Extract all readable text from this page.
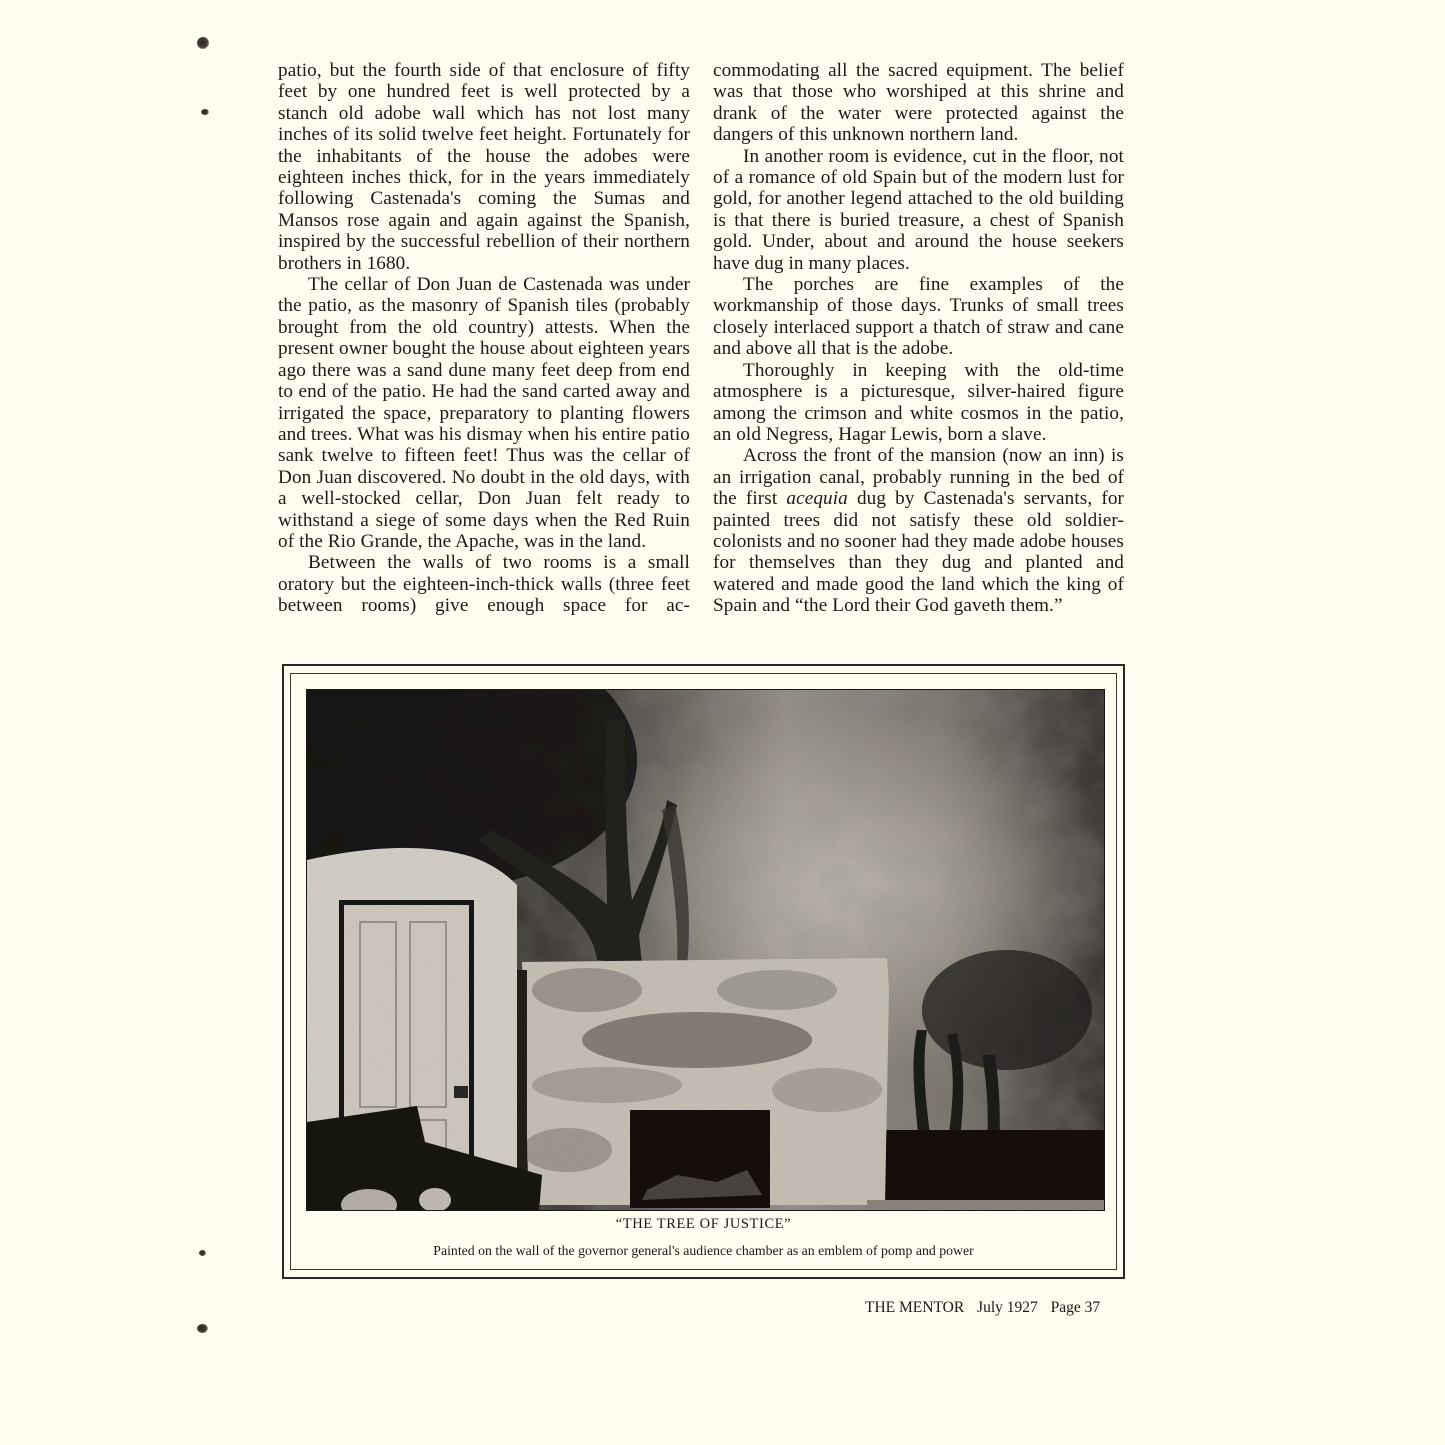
patio, but the fourth side of that enclosure of fifty feet by one hundred feet is well protected by a stanch old adobe wall which has not lost many inches of its solid twelve feet height. Fortunately for the inhabitants of the house the adobes were eighteen inches thick, for in the years immediately following Castenada's coming the Sumas and Mansos rose again and again against the Spanish, inspired by the successful rebellion of their northern brothers in 1680.

The cellar of Don Juan de Castenada was under the patio, as the masonry of Spanish tiles (probably brought from the old country) attests. When the present owner bought the house about eighteen years ago there was a sand dune many feet deep from end to end of the patio. He had the sand carted away and irrigated the space, preparatory to planting flowers and trees. What was his dismay when his entire patio sank twelve to fifteen feet! Thus was the cellar of Don Juan discovered. No doubt in the old days, with a well-stocked cellar, Don Juan felt ready to withstand a siege of some days when the Red Ruin of the Rio Grande, the Apache, was in the land.

Between the walls of two rooms is a small oratory but the eighteen-inch-thick walls (three feet between rooms) give enough space for ac-

commodating all the sacred equipment. The belief was that those who worshiped at this shrine and drank of the water were protected against the dangers of this unknown northern land.

In another room is evidence, cut in the floor, not of a romance of old Spain but of the modern lust for gold, for another legend attached to the old building is that there is buried treasure, a chest of Spanish gold. Under, about and around the house seekers have dug in many places.

The porches are fine examples of the workmanship of those days. Trunks of small trees closely interlaced support a thatch of straw and cane and above all that is the adobe.

Thoroughly in keeping with the old-time atmosphere is a picturesque, silver-haired figure among the crimson and white cosmos in the patio, an old Negress, Hagar Lewis, born a slave.

Across the front of the mansion (now an inn) is an irrigation canal, probably running in the bed of the first acequia dug by Castenada's servants, for painted trees did not satisfy these old soldier-colonists and no sooner had they made adobe houses for themselves than they dug and planted and watered and made good the land which the king of Spain and “the Lord their God gaveth them.”

“THE TREE OF JUSTICE”
Painted on the wall of the governor general's audience chamber as an emblem of pomp and power
THE MENTOR July 1927 Page 37
